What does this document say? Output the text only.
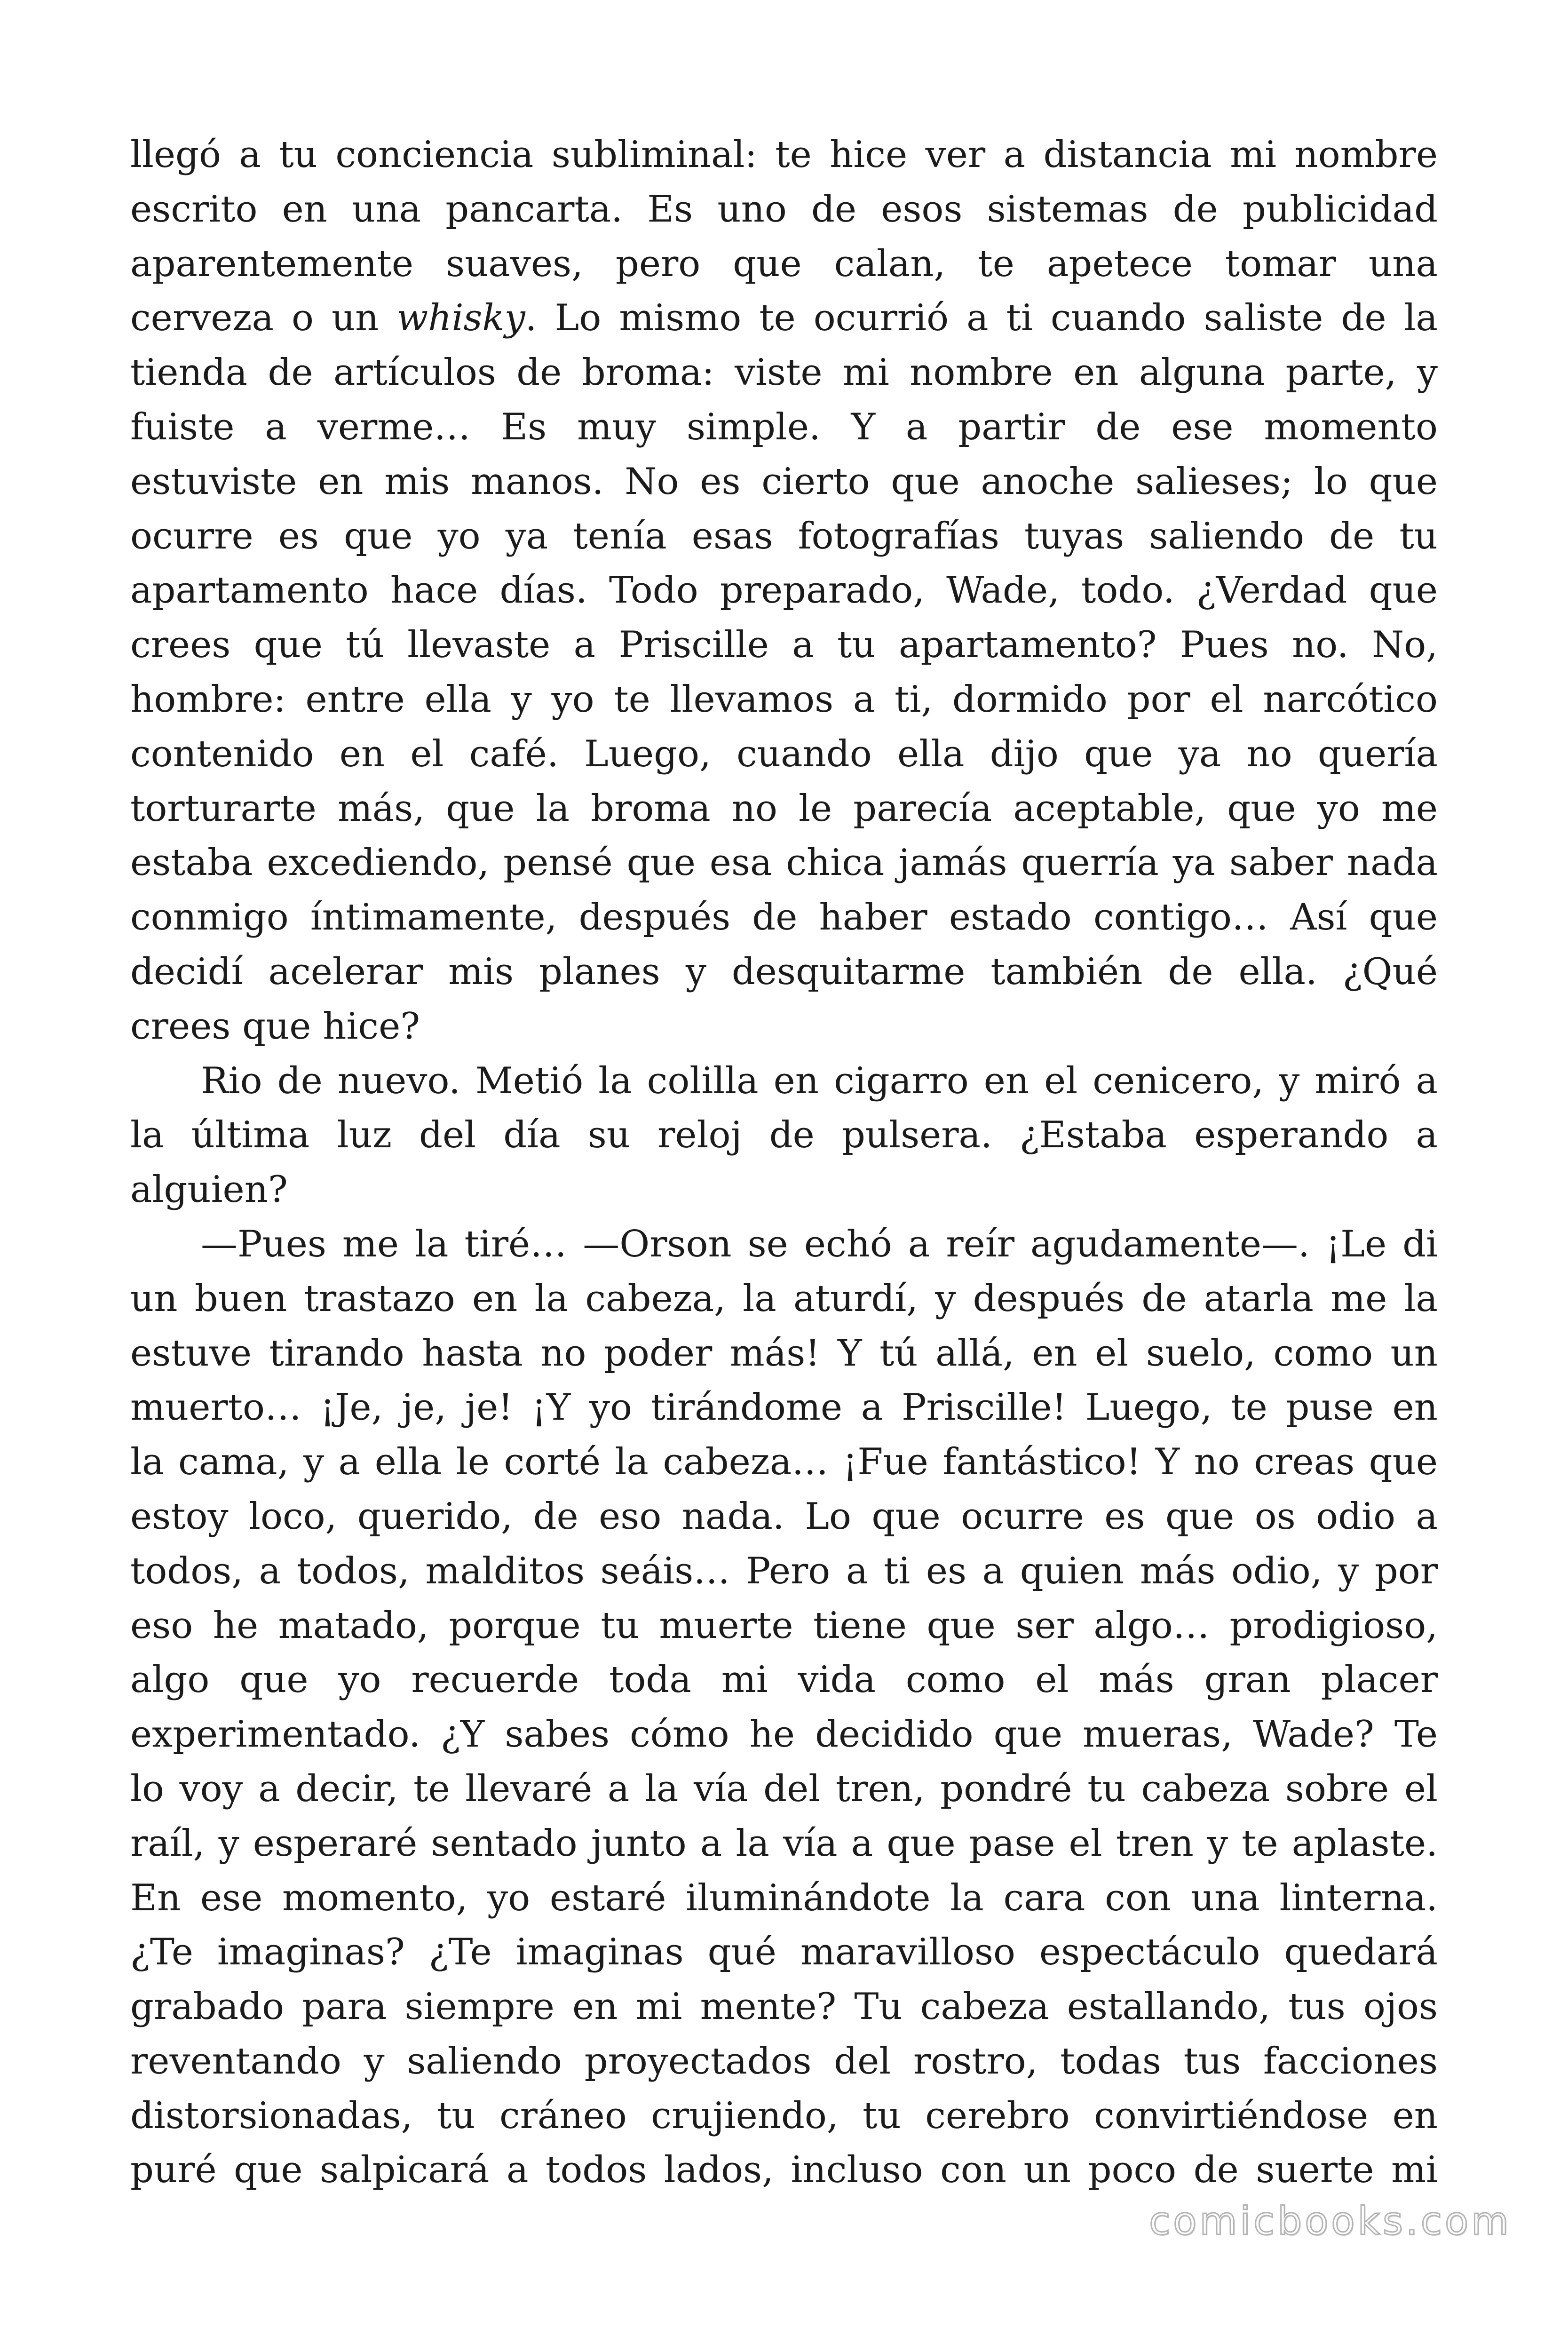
llegó a tu conciencia subliminal: te hice ver a distancia mi nombre
escrito en una pancarta. Es uno de esos sistemas de publicidad
aparentemente suaves, pero que calan, te apetece tomar una
cerveza o un whisky. Lo mismo te ocurrió a ti cuando saliste de la
tienda de artículos de broma: viste mi nombre en alguna parte, y
fuiste a verme… Es muy simple. Y a partir de ese momento
estuviste en mis manos. No es cierto que anoche salieses; lo que
ocurre es que yo ya tenía esas fotografías tuyas saliendo de tu
apartamento hace días. Todo preparado, Wade, todo. ¿Verdad que
crees que tú llevaste a Priscille a tu apartamento? Pues no. No,
hombre: entre ella y yo te llevamos a ti, dormido por el narcótico
contenido en el café. Luego, cuando ella dijo que ya no quería
torturarte más, que la broma no le parecía aceptable, que yo me
estaba excediendo, pensé que esa chica jamás querría ya saber nada
conmigo íntimamente, después de haber estado contigo… Así que
decidí acelerar mis planes y desquitarme también de ella. ¿Qué
crees que hice?
Rio de nuevo. Metió la colilla en cigarro en el cenicero, y miró a
la última luz del día su reloj de pulsera. ¿Estaba esperando a
alguien?
—Pues me la tiré… —Orson se echó a reír agudamente—. ¡Le di
un buen trastazo en la cabeza, la aturdí, y después de atarla me la
estuve tirando hasta no poder más! Y tú allá, en el suelo, como un
muerto… ¡Je, je, je! ¡Y yo tirándome a Priscille! Luego, te puse en
la cama, y a ella le corté la cabeza… ¡Fue fantástico! Y no creas que
estoy loco, querido, de eso nada. Lo que ocurre es que os odio a
todos, a todos, malditos seáis… Pero a ti es a quien más odio, y por
eso he matado, porque tu muerte tiene que ser algo… prodigioso,
algo que yo recuerde toda mi vida como el más gran placer
experimentado. ¿Y sabes cómo he decidido que mueras, Wade? Te
lo voy a decir, te llevaré a la vía del tren, pondré tu cabeza sobre el
raíl, y esperaré sentado junto a la vía a que pase el tren y te aplaste.
En ese momento, yo estaré iluminándote la cara con una linterna.
¿Te imaginas? ¿Te imaginas qué maravilloso espectáculo quedará
grabado para siempre en mi mente? Tu cabeza estallando, tus ojos
reventando y saliendo proyectados del rostro, todas tus facciones
distorsionadas, tu cráneo crujiendo, tu cerebro convirtiéndose en
puré que salpicará a todos lados, incluso con un poco de suerte mi
comicbooks.com
